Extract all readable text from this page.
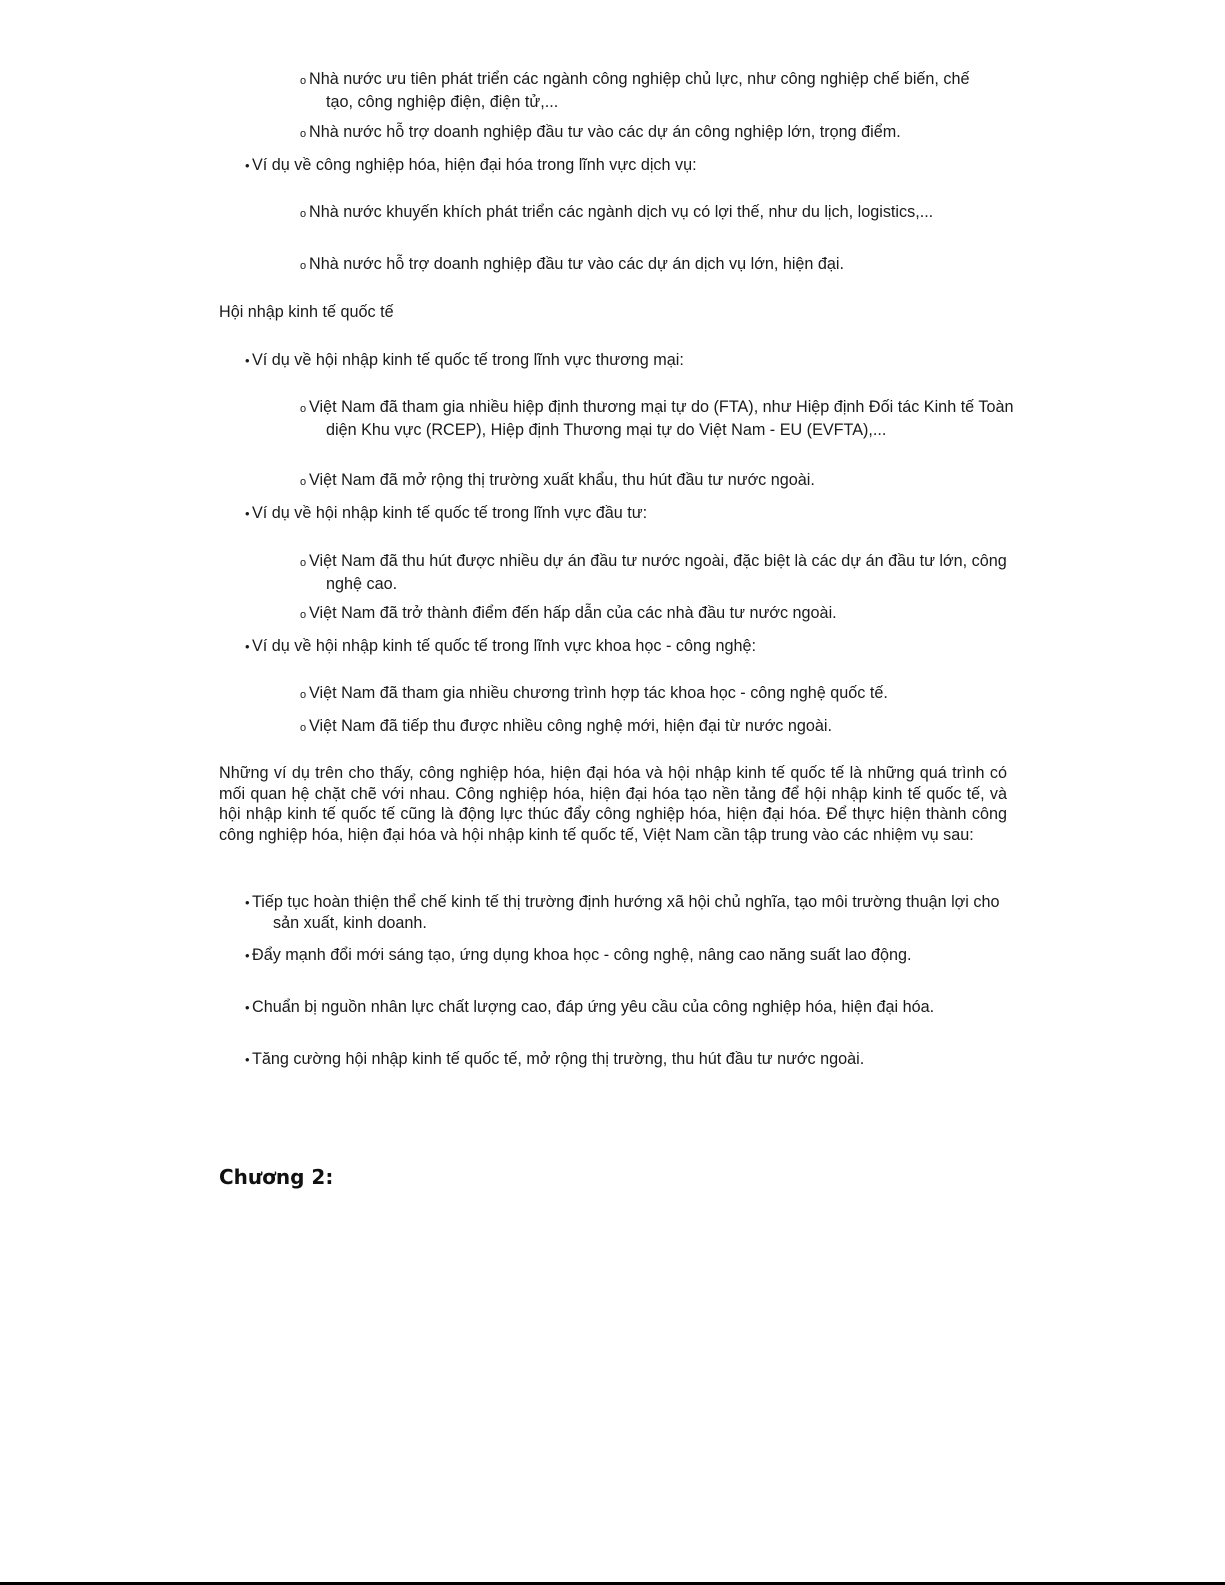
o Nhà nước ưu tiên phát triển các ngành công nghiệp chủ lực, như công nghiệp chế biến, chế tạo, công nghiệp điện, điện tử,...

o Nhà nước hỗ trợ doanh nghiệp đầu tư vào các dự án công nghiệp lớn, trọng điểm.

• Ví dụ về công nghiệp hóa, hiện đại hóa trong lĩnh vực dịch vụ:

o Nhà nước khuyến khích phát triển các ngành dịch vụ có lợi thế, như du lịch, logistics,...

o Nhà nước hỗ trợ doanh nghiệp đầu tư vào các dự án dịch vụ lớn, hiện đại.

Hội nhập kinh tế quốc tế

• Ví dụ về hội nhập kinh tế quốc tế trong lĩnh vực thương mại:

o Việt Nam đã tham gia nhiều hiệp định thương mại tự do (FTA), như Hiệp định Đối tác Kinh tế Toàn diện Khu vực (RCEP), Hiệp định Thương mại tự do Việt Nam - EU (EVFTA),...

o Việt Nam đã mở rộng thị trường xuất khẩu, thu hút đầu tư nước ngoài.

• Ví dụ về hội nhập kinh tế quốc tế trong lĩnh vực đầu tư:

o Việt Nam đã thu hút được nhiều dự án đầu tư nước ngoài, đặc biệt là các dự án đầu tư lớn, công nghệ cao.

o Việt Nam đã trở thành điểm đến hấp dẫn của các nhà đầu tư nước ngoài.

• Ví dụ về hội nhập kinh tế quốc tế trong lĩnh vực khoa học - công nghệ:

o Việt Nam đã tham gia nhiều chương trình hợp tác khoa học - công nghệ quốc tế.

o Việt Nam đã tiếp thu được nhiều công nghệ mới, hiện đại từ nước ngoài.

Những ví dụ trên cho thấy, công nghiệp hóa, hiện đại hóa và hội nhập kinh tế quốc tế là những quá trình có mối quan hệ chặt chẽ với nhau. Công nghiệp hóa, hiện đại hóa tạo nền tảng để hội nhập kinh tế quốc tế, và hội nhập kinh tế quốc tế cũng là động lực thúc đẩy công nghiệp hóa, hiện đại hóa. Để thực hiện thành công công nghiệp hóa, hiện đại hóa và hội nhập kinh tế quốc tế, Việt Nam cần tập trung vào các nhiệm vụ sau:

• Tiếp tục hoàn thiện thể chế kinh tế thị trường định hướng xã hội chủ nghĩa, tạo môi trường thuận lợi cho sản xuất, kinh doanh.

• Đẩy mạnh đổi mới sáng tạo, ứng dụng khoa học - công nghệ, nâng cao năng suất lao động.

• Chuẩn bị nguồn nhân lực chất lượng cao, đáp ứng yêu cầu của công nghiệp hóa, hiện đại hóa.

• Tăng cường hội nhập kinh tế quốc tế, mở rộng thị trường, thu hút đầu tư nước ngoài.

Chương 2:
